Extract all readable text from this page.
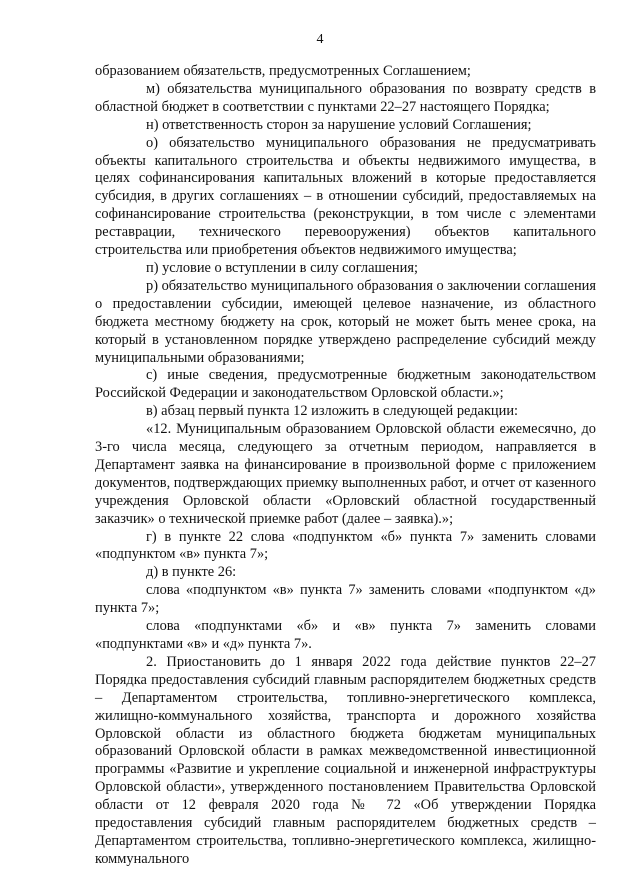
4

образованием обязательств, предусмотренных Соглашением;

м) обязательства муниципального образования по возврату средств в областной бюджет в соответствии с пунктами 22–27 настоящего Порядка;

н) ответственность сторон за нарушение условий Соглашения;

о) обязательство муниципального образования не предусматривать объекты капитального строительства и объекты недвижимого имущества, в целях софинансирования капитальных вложений в которые предоставляется субсидия, в других соглашениях – в отношении субсидий, предоставляемых на софинансирование строительства (реконструкции, в том числе с элементами реставрации, технического перевооружения) объектов капитального строительства или приобретения объектов недвижимого имущества;

п) условие о вступлении в силу соглашения;

р) обязательство муниципального образования о заключении соглашения о предоставлении субсидии, имеющей целевое назначение, из областного бюджета местному бюджету на срок, который не может быть менее срока, на который в установленном порядке утверждено распределение субсидий между муниципальными образованиями;

с) иные сведения, предусмотренные бюджетным законодательством Российской Федерации и законодательством Орловской области.»;

в) абзац первый пункта 12 изложить в следующей редакции:

«12. Муниципальным образованием Орловской области ежемесячно, до 3-го числа месяца, следующего за отчетным периодом, направляется в Департамент заявка на финансирование в произвольной форме с приложением документов, подтверждающих приемку выполненных работ, и отчет от казенного учреждения Орловской области «Орловский областной государственный заказчик» о технической приемке работ (далее – заявка).»;

г) в пункте 22 слова «подпунктом «б» пункта 7» заменить словами «подпунктом «в» пункта 7»;

д) в пункте 26:

слова «подпунктом «в» пункта 7» заменить словами «подпунктом «д» пункта 7»;

слова «подпунктами «б» и «в» пункта 7» заменить словами «подпунктами «в» и «д» пункта 7».

2. Приостановить до 1 января 2022 года действие пунктов 22–27 Порядка предоставления субсидий главным распорядителем бюджетных средств – Департаментом строительства, топливно-энергетического комплекса, жилищно-коммунального хозяйства, транспорта и дорожного хозяйства Орловской области из областного бюджета бюджетам муниципальных образований Орловской области в рамках межведомственной инвестиционной программы «Развитие и укрепление социальной и инженерной инфраструктуры Орловской области», утвержденного постановлением Правительства Орловской области от 12 февраля 2020 года № 72 «Об утверждении Порядка предоставления субсидий главным распорядителем бюджетных средств – Департаментом строительства, топливно-энергетического комплекса, жилищно-коммунального
